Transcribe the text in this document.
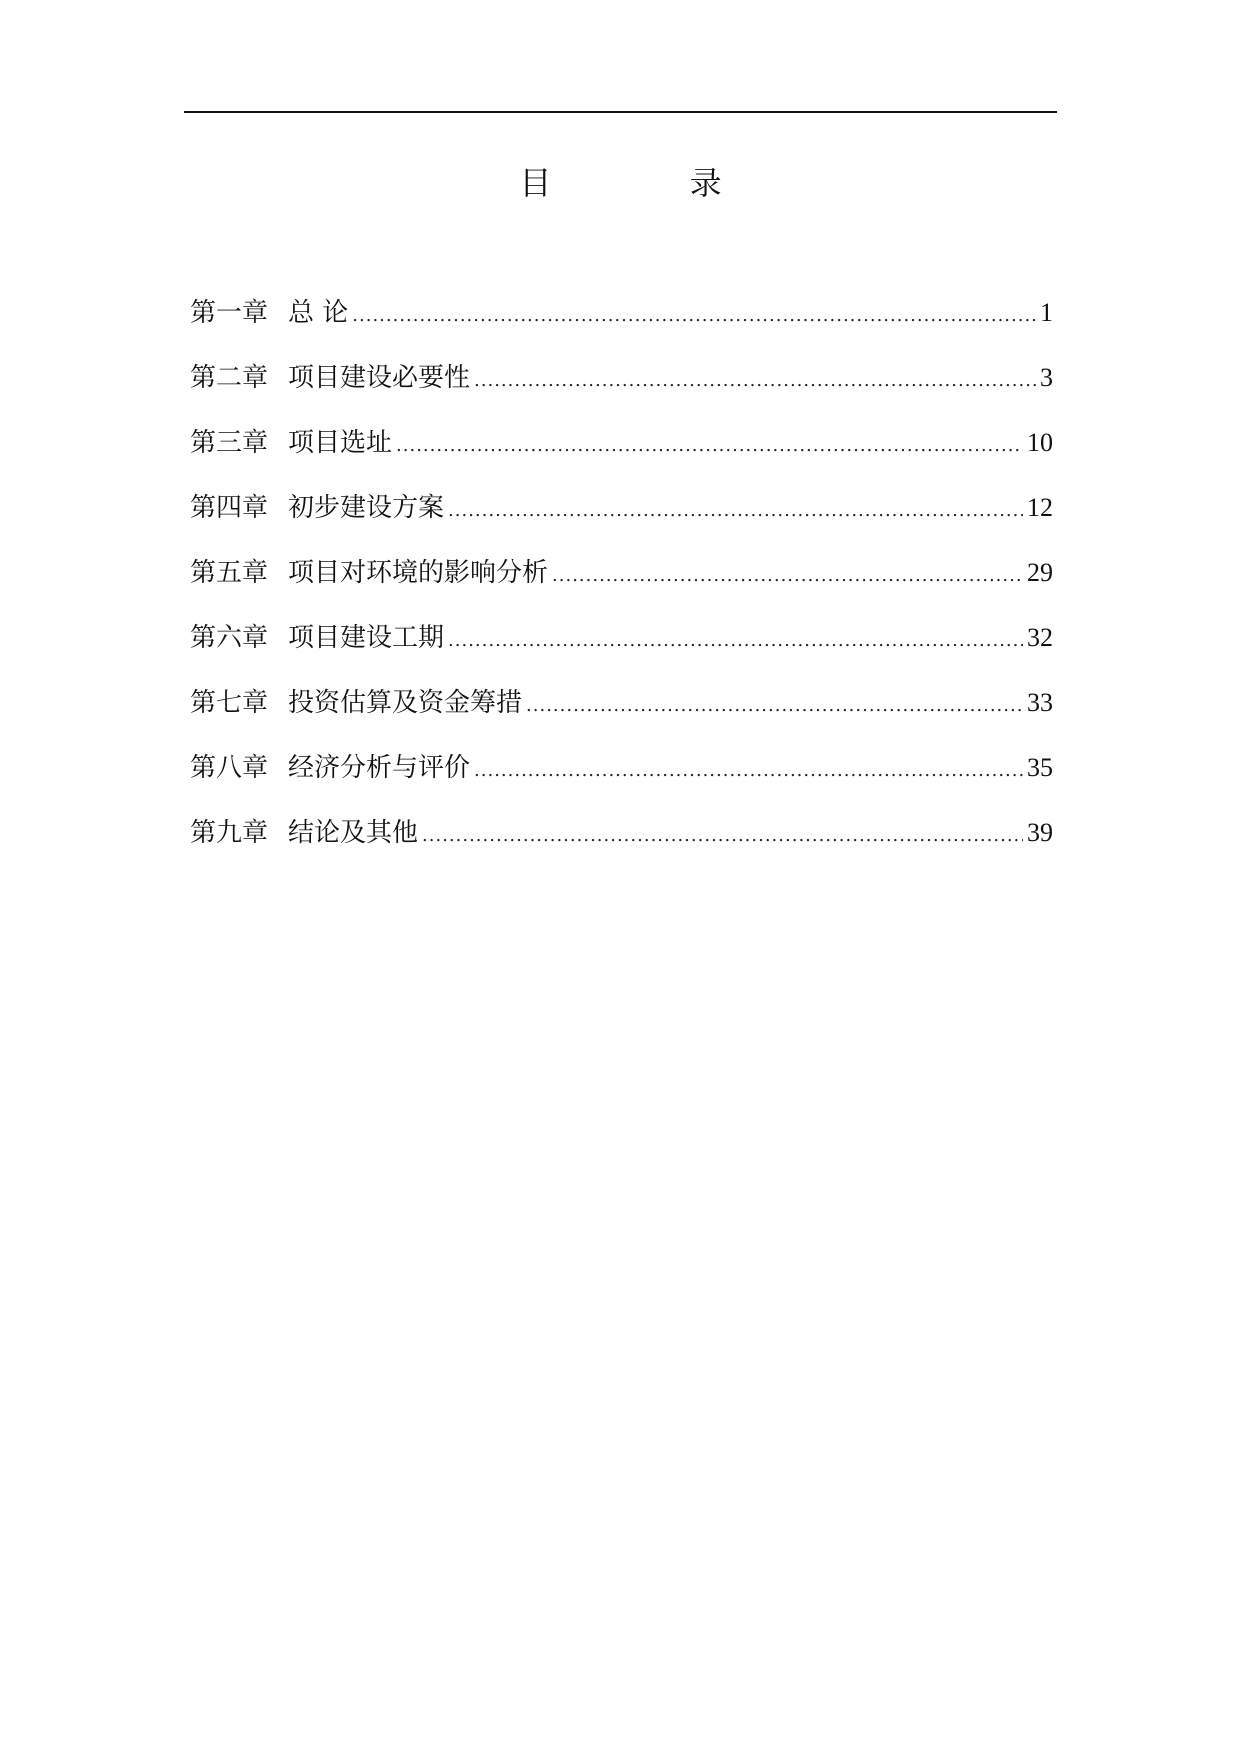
目 录
第一章 总 论 .....	1
第二章 项目建设必要性 .....	3
第三章 项目选址 .....	10
第四章 初步建设方案 .....	12
第五章 项目对环境的影响分析 .....	29
第六章 项目建设工期 .....	32
第七章 投资估算及资金筹措 .....	33
第八章 经济分析与评价 .....	35
第九章 结论及其他 .....	39
